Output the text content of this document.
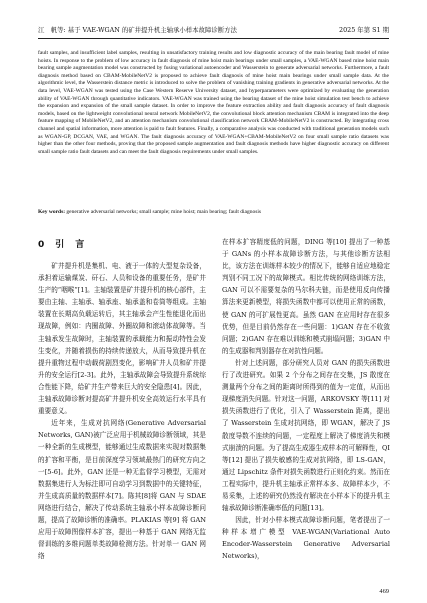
江　帆等: 基于 VAE-WGAN 的矿井提升机主轴承小样本故障诊断方法	2025 年第 S1 期

fault samples, and insufficient label samples, resulting in unsatisfactory training results and low diagnostic accuracy of the main bearing fault model of mine hoists. In response to the problem of low accuracy in fault diagnosis of mine hoist main bearings under small samples, a VAE-WGAN based mine hoist main bearing sample augmentation model was constructed by fusing variational autoencoder and Wasserstein to generate adversarial networks. Furthermore, a fault diagnosis method based on CBAM-MobileNetV2 is proposed to achieve fault diagnosis of mine hoist main bearings under small sample data. At the algorithmic level, the Wasserstein distance metric is introduced to solve the problem of vanishing training gradients in generative adversarial networks. At the data level, VAE-WGAN was tested using the Case Western Reserve University dataset, and hyperparameters were optimized by evaluating the generation ability of VAE-WGAN through quantitative indicators. VAE-WGAN was trained using the bearing dataset of the mine hoist simulation test bench to achieve the expansion and expansion of the small sample dataset. In order to improve the feature extraction ability and fault diagnosis accuracy of fault diagnosis models, based on the lightweight convolutional neural network MobileNetV2, the convolutional block attention mechanism CBAM is integrated into the deep feature mapping of MobileNetV2, and an attention mechanism convolutional classification network CBAM-MobileNetV2 is constructed. By integrating cross channel and spatial information, more attention is paid to fault features. Finally, a comparative analysis was conducted with traditional generation models such as WGAN-GP, DCGAN, VAE, and WGAN. The fault diagnosis accuracy of VAE-WGAN+CBAM-MobileNetV2 on four small sample ratio datasets was higher than the other four methods, proving that the proposed sample augmentation and fault diagnosis methods have higher diagnostic accuracy on different small sample ratio fault datasets and can meet the fault diagnosis requirements under small samples.

Key words: generative adversarial networks; small sample; mine hoist; main bearing; fault diagnosis
0 引　言

矿井提升机是集机、电、液于一体的大型复杂设备，承担着运输煤炭、矸石、人员和设备的重要任务，是矿井生产的“咽喉”[1]。主轴装置是矿井提升机的核心部件，主要由主轴、主轴承、轴承座、轴承盖和卷筒等组成。主轴装置在长期高负载运转后，其主轴承会产生性能退化而出现故障，例如：内圈故障、外圈故障和滚动体故障等。当主轴承发生故障时，主轴装置的承载能力和振动特性会发生变化，并随着损伤的持续传递放大，从而导致提升机在提升重物过程中动载荷剧烈变化，影响矿井人员和矿井提升的安全运行[2-3]。此外，主轴承故障会导致提升系统综合性能下降，给矿井生产带来巨大的安全隐患[4]。因此，主轴承故障诊断对提高矿井提升机安全高效运行水平具有重要意义。

近年来，生成对抗网络(Generative Adversarial Networks, GAN)被广泛应用于机械故障诊断领域，其是一种全新的生成模型，能够通过生成数据来实现对数据集的扩容和平衡，是目前深度学习领域最热门的研究方向之一[5-6]。此外，GAN 还是一种无监督学习模型，无需对数据集进行人为标注即可自动学习到数据中的关键特征，并生成高质量的数据样本[7]。陈其[8]将 GAN 与 SDAE 网络进行结合，解决了传动系统主轴承小样本故障诊断问题，提高了故障诊断的准确率。PLAKIAS 等[9] 将 GAN 应用于故障图像样本扩容，提出一种基于 GAN 网络无监督训练的多维问题单类故障检测方法。针对单一 GAN 网络

在样本扩容精度低的问题，DING 等[10] 提出了一种基于 GANs 的小样本故障诊断方法，与其他诊断方法相比，该方法在训练样本较少的情况下，能够自适应地稳定判别不同工况下的故障模式。相比传统的网络训练方法，GAN 可以不需要复杂的马尔科夫链，而是使用反向传播算法来更新模型，将损失函数中都可以使用正常的函数，使 GAN 的可扩展性更高。虽然 GAN 在应用时存在很多优势，但是目前仍然存在一些问题：1)GAN 存在不收敛问题；2)GAN 存在难以训练和模式崩塌问题；3)GAN 中的生成器和判别器存在对抗性问题。

针对上述问题，部分研究人员对 GAN 的损失函数进行了改进研究。如果 2 个分布之间存在交集，JS 散度在测量两个分布之间的距离时所得到的值为一定值，从而出现梯度消失问题。针对这一问题，ARKOVSKY 等[11] 对损失函数进行了优化，引入了 Wasserstein 距离，提出了 Wasserstein 生成对抗网络，即 WGAN，解决了 JS 散度导数不连续的问题，一定程度上解决了梯度消失和模式崩溃的问题。为了提高生成器生成样本的可解释性，QI 等[12] 提出了损失敏感的生成对抗网络，即 LS-GAN，通过 Lipschitz 条件对损失函数进行正则化约束。然而在工程实际中，提升机主轴承正常样本多、故障样本少，不易采集，上述的研究仍然没有解决在小样本下的提升机主轴承故障诊断准确率低的问题[13]。

因此，针对小样本模式故障诊断问题，笔者提出了一种样本增广模型 VAE-WGAN(Variational Auto Encoder-Wasserstein Generative Adversarial Networks)，

469
